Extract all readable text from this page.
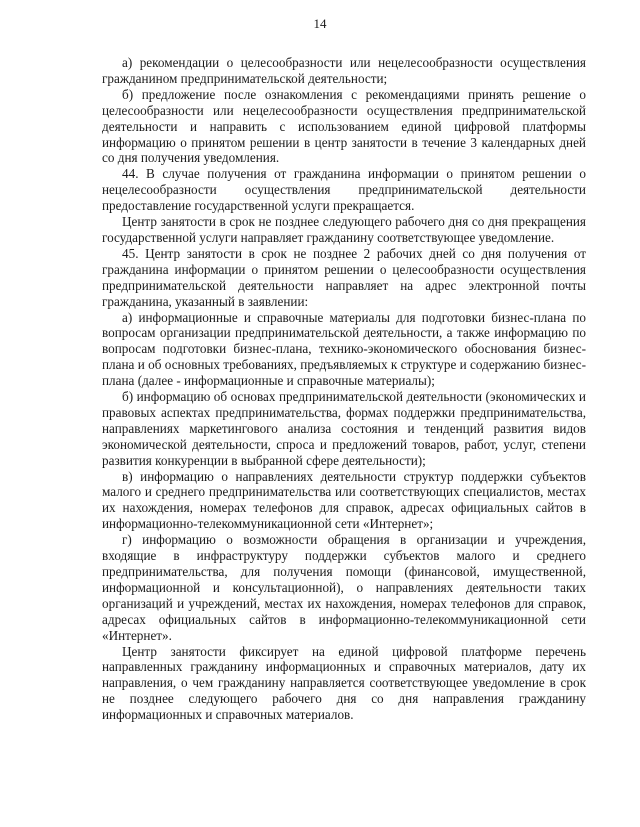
14

а) рекомендации о целесообразности или нецелесообразности осуществления гражданином предпринимательской деятельности;

б) предложение после ознакомления с рекомендациями принять решение о целесообразности или нецелесообразности осуществления предпринимательской деятельности и направить с использованием единой цифровой платформы информацию о принятом решении в центр занятости в течение 3 календарных дней со дня получения уведомления.

44. В случае получения от гражданина информации о принятом решении о нецелесообразности осуществления предпринимательской деятельности предоставление государственной услуги прекращается.

Центр занятости в срок не позднее следующего рабочего дня со дня прекращения государственной услуги направляет гражданину соответствующее уведомление.

45. Центр занятости в срок не позднее 2 рабочих дней со дня получения от гражданина информации о принятом решении о целесообразности осуществления предпринимательской деятельности направляет на адрес электронной почты гражданина, указанный в заявлении:

а) информационные и справочные материалы для подготовки бизнес-плана по вопросам организации предпринимательской деятельности, а также информацию по вопросам подготовки бизнес-плана, технико-экономического обоснования бизнес-плана и об основных требованиях, предъявляемых к структуре и содержанию бизнес-плана (далее - информационные и справочные материалы);

б) информацию об основах предпринимательской деятельности (экономических и правовых аспектах предпринимательства, формах поддержки предпринимательства, направлениях маркетингового анализа состояния и тенденций развития видов экономической деятельности, спроса и предложений товаров, работ, услуг, степени развития конкуренции в выбранной сфере деятельности);

в) информацию о направлениях деятельности структур поддержки субъектов малого и среднего предпринимательства или соответствующих специалистов, местах их нахождения, номерах телефонов для справок, адресах официальных сайтов в информационно-телекоммуникационной сети «Интернет»;

г) информацию о возможности обращения в организации и учреждения, входящие в инфраструктуру поддержки субъектов малого и среднего предпринимательства, для получения помощи (финансовой, имущественной, информационной и консультационной), о направлениях деятельности таких организаций и учреждений, местах их нахождения, номерах телефонов для справок, адресах официальных сайтов в информационно-телекоммуникационной сети «Интернет».

Центр занятости фиксирует на единой цифровой платформе перечень направленных гражданину информационных и справочных материалов, дату их направления, о чем гражданину направляется соответствующее уведомление в срок не позднее следующего рабочего дня со дня направления гражданину информационных и справочных материалов.
